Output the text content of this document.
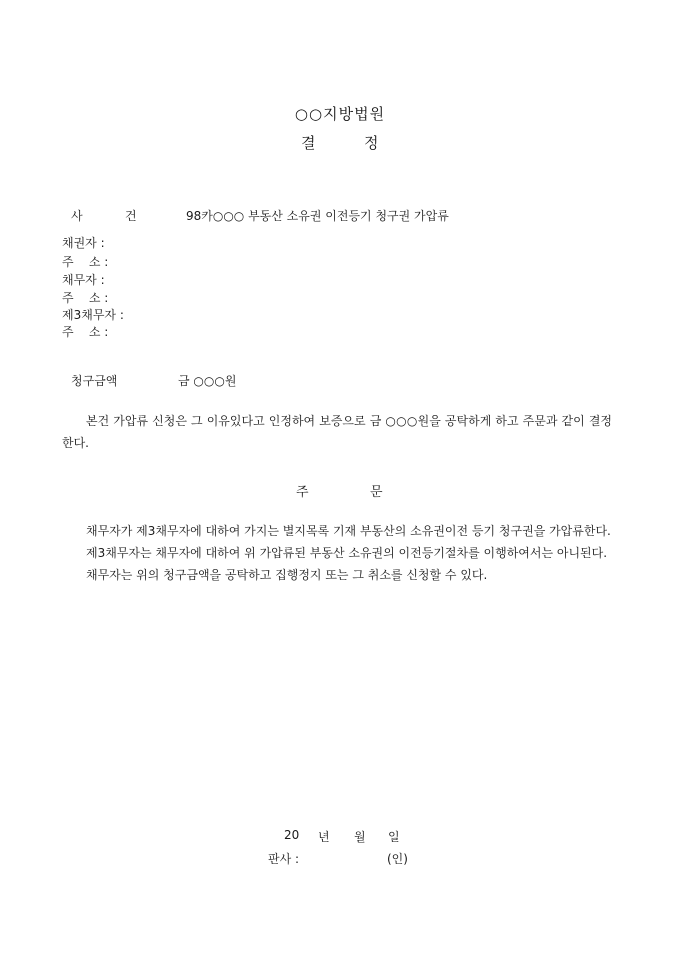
○○지방법원
결	정
사	건	98카○○○ 부동산 소유권 이전등기 청구권 가압류
채권자 :
주    소 :
채무자 :
주    소 :
제3채무자 :
주    소 :
청구금액	금 ○○○원

본건 가압류 신청은 그 이유있다고 인정하여 보증으로 금 ○○○원을 공탁하게 하고 주문과 같이 결정한다.

주	문

채무자가 제3채무자에 대하여 가지는 별지목록 기재 부동산의 소유권이전 등기 청구권을 가압류한다.

제3채무자는 채무자에 대하여 위 가압류된 부동산 소유권의 이전등기절차를 이행하여서는 아니된다.

채무자는 위의 청구금액을 공탁하고 집행정지 또는 그 취소를 신청할 수 있다.

20 년 월 일
판사 :	(인)
